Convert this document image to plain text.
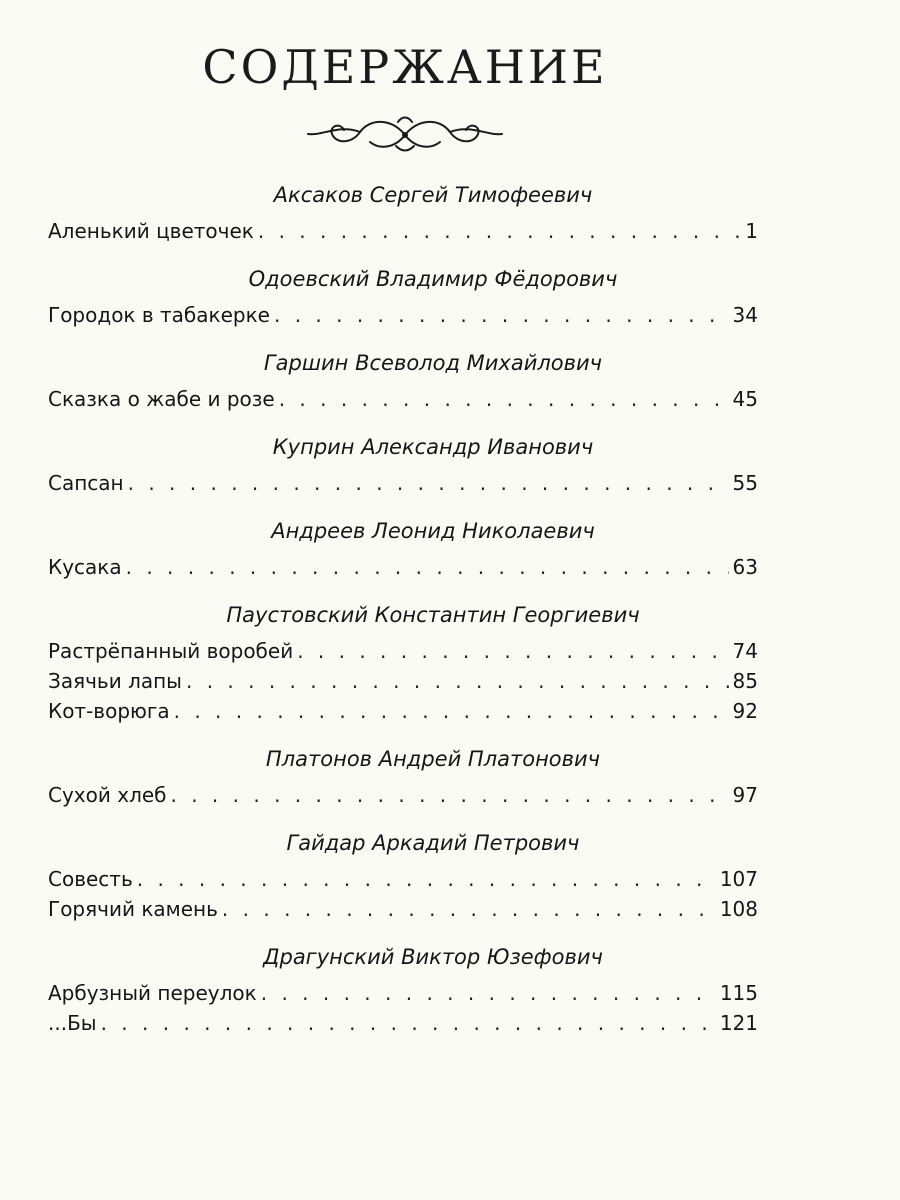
СОДЕРЖАНИЕ
Аксаков Сергей Тимофеевич
Аленький цветочек . . .	1
Одоевский Владимир Фёдорович
Городок в табакерке . . .	34
Гаршин Всеволод Михайлович
Сказка о жабе и розе . . .	45
Куприн Александр Иванович
Сапсан . . .	55
Андреев Леонид Николаевич
Кусака . . .	63
Паустовский Константин Георгиевич
Растрёпанный воробей . . .	74
Заячьи лапы . . .	85
Кот-ворюга . . .	92
Платонов Андрей Платонович
Сухой хлеб . . .	97
Гайдар Аркадий Петрович
Совесть . . .	107
Горячий камень . . .	108
Драгунский Виктор Юзефович
Арбузный переулок . . .	115
...Бы . . .	121
